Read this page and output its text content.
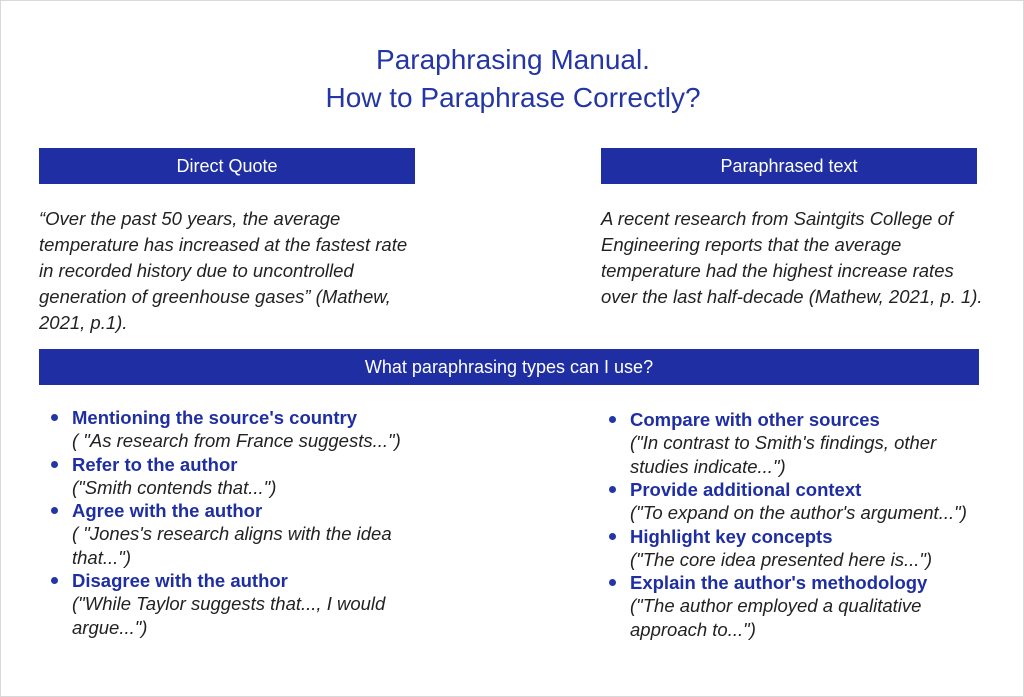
Paraphrasing Manual.
How to Paraphrase Correctly?
Direct Quote	Paraphrased text
“Over the past 50 years, the average temperature has increased at the fastest rate in recorded history due to uncontrolled generation of greenhouse gases” (Mathew, 2021, p.1).
A recent research from Saintgits College of Engineering reports that the average temperature had the highest increase rates over the last half-decade (Mathew, 2021, p. 1).
What paraphrasing types can I use?
Mentioning the source's country
( "As research from France suggests...")
Refer to the author
("Smith contends that...")
Agree with the author
( "Jones's research aligns with the idea that...")
Disagree with the author
("While Taylor suggests that..., I would argue...")
Compare with other sources
("In contrast to Smith's findings, other studies indicate...")
Provide additional context
("To expand on the author's argument...")
Highlight key concepts
("The core idea presented here is...")
Explain the author's methodology
("The author employed a qualitative approach to...")
